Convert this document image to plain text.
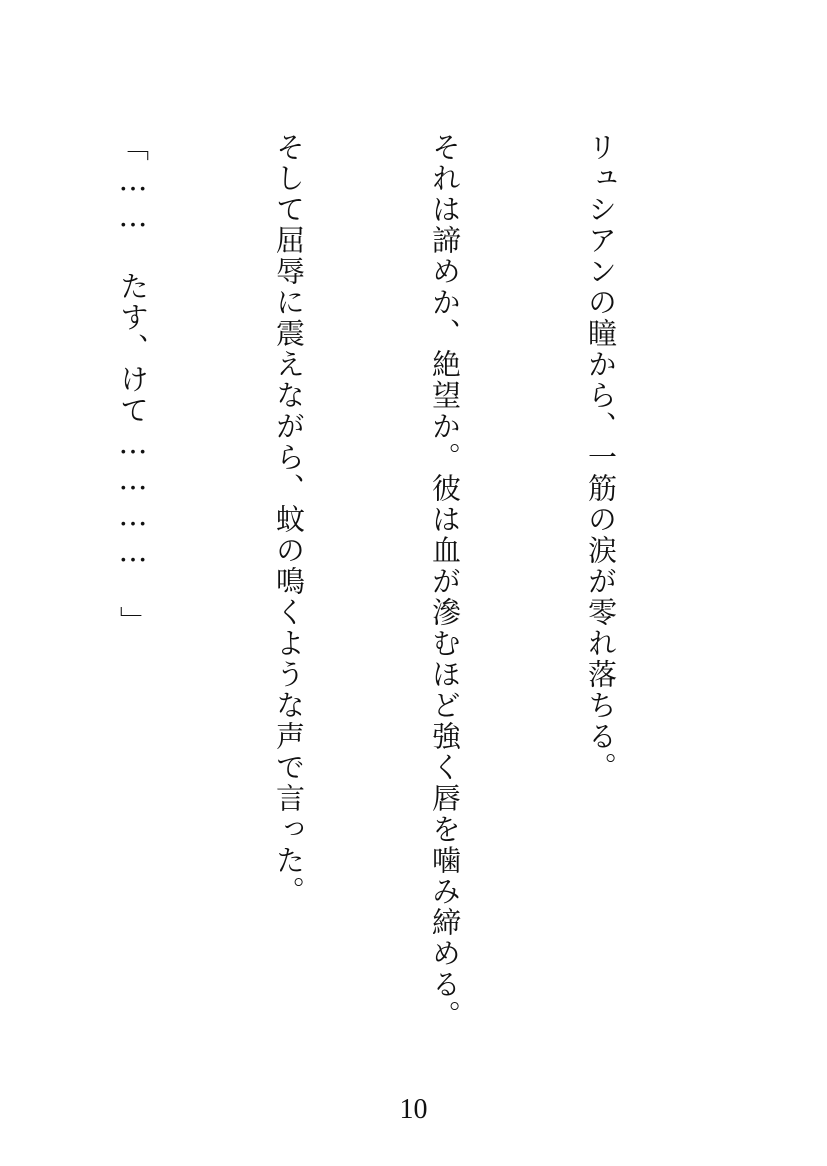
リュシアンの瞳から、一筋の涙が零れ落ちる。

それは諦めか、絶望か。彼は血が滲むほど強く唇を噛み締める。

そして屈辱に震えながら、蚊の鳴くような声で言った。

「…… たす、けて………… 」

10
